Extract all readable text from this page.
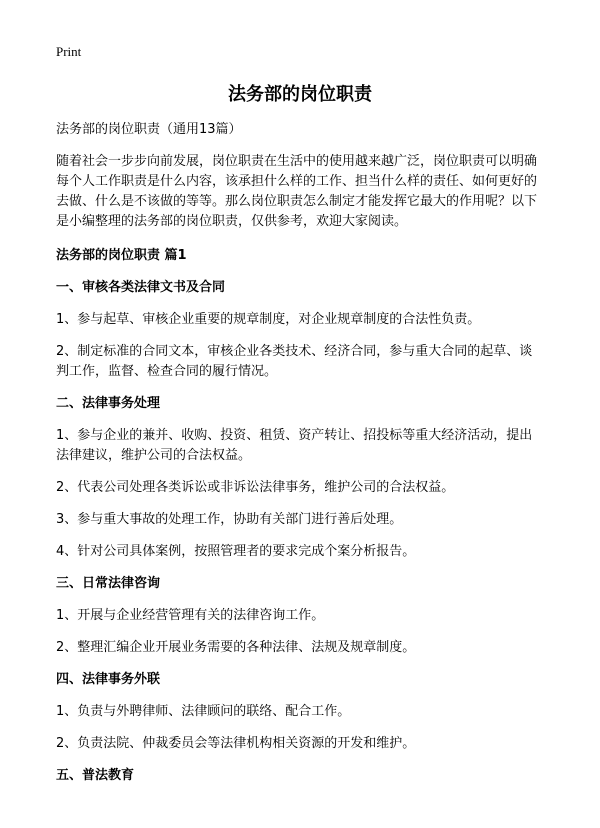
Print
法务部的岗位职责

法务部的岗位职责（通用13篇）

随着社会一步步向前发展，岗位职责在生活中的使用越来越广泛，岗位职责可以明确每个人工作职责是什么内容，该承担什么样的工作、担当什么样的责任、如何更好的去做、什么是不该做的等等。那么岗位职责怎么制定才能发挥它最大的作用呢？以下是小编整理的法务部的岗位职责，仅供参考，欢迎大家阅读。

法务部的岗位职责 篇1

一、审核各类法律文书及合同

1、参与起草、审核企业重要的规章制度，对企业规章制度的合法性负责。

2、制定标准的合同文本，审核企业各类技术、经济合同，参与重大合同的起草、谈判工作，监督、检查合同的履行情况。

二、法律事务处理

1、参与企业的兼并、收购、投资、租赁、资产转让、招投标等重大经济活动，提出法律建议，维护公司的合法权益。

2、代表公司处理各类诉讼或非诉讼法律事务，维护公司的合法权益。

3、参与重大事故的处理工作，协助有关部门进行善后处理。

4、针对公司具体案例，按照管理者的要求完成个案分析报告。

三、日常法律咨询

1、开展与企业经营管理有关的法律咨询工作。

2、整理汇编企业开展业务需要的各种法律、法规及规章制度。

四、法律事务外联

1、负责与外聘律师、法律顾问的联络、配合工作。

2、负责法院、仲裁委员会等法律机构相关资源的开发和维护。

五、普法教育
